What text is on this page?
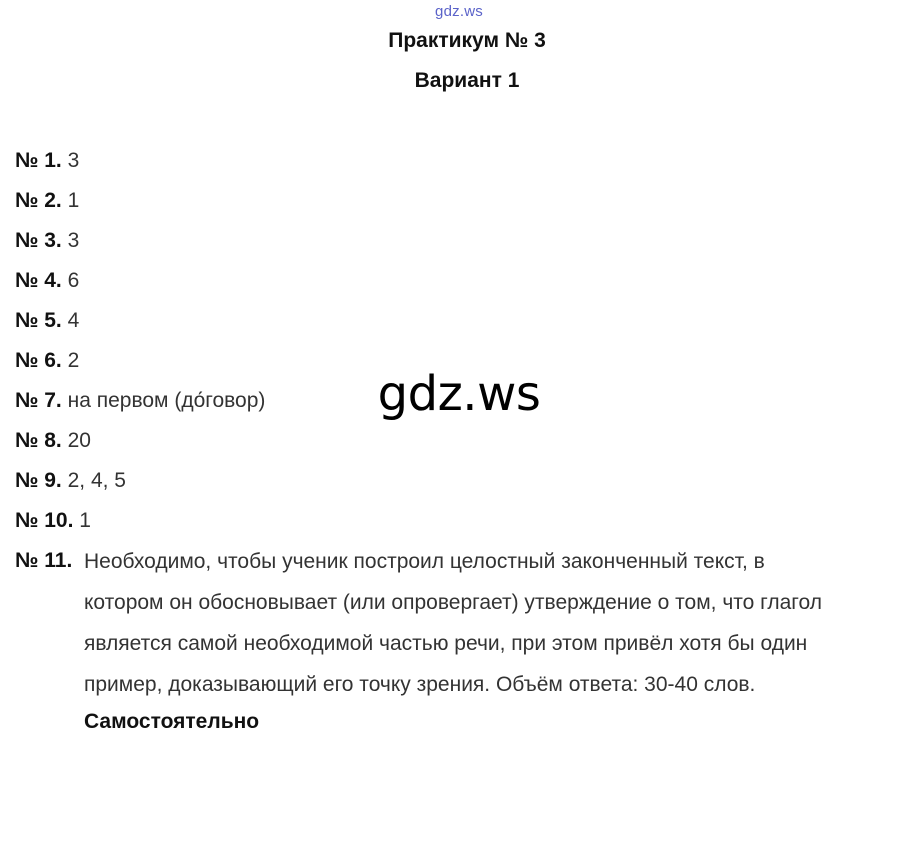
gdz.ws
Практикум № 3
Вариант 1
№ 1. 3
№ 2. 1
№ 3. 3
№ 4. 6
№ 5. 4
№ 6. 2
№ 7. на первом (до́говор)
№ 8. 20
№ 9. 2, 4, 5
№ 10. 1
gdz.ws
№ 11. Необходимо, чтобы ученик построил целостный законченный текст, в
котором он обосновывает (или опровергает) утверждение о том, что глагол
является самой необходимой частью речи, при этом привёл хотя бы один
пример, доказывающий его точку зрения. Объём ответа: 30-40 слов.
Самостоятельно
